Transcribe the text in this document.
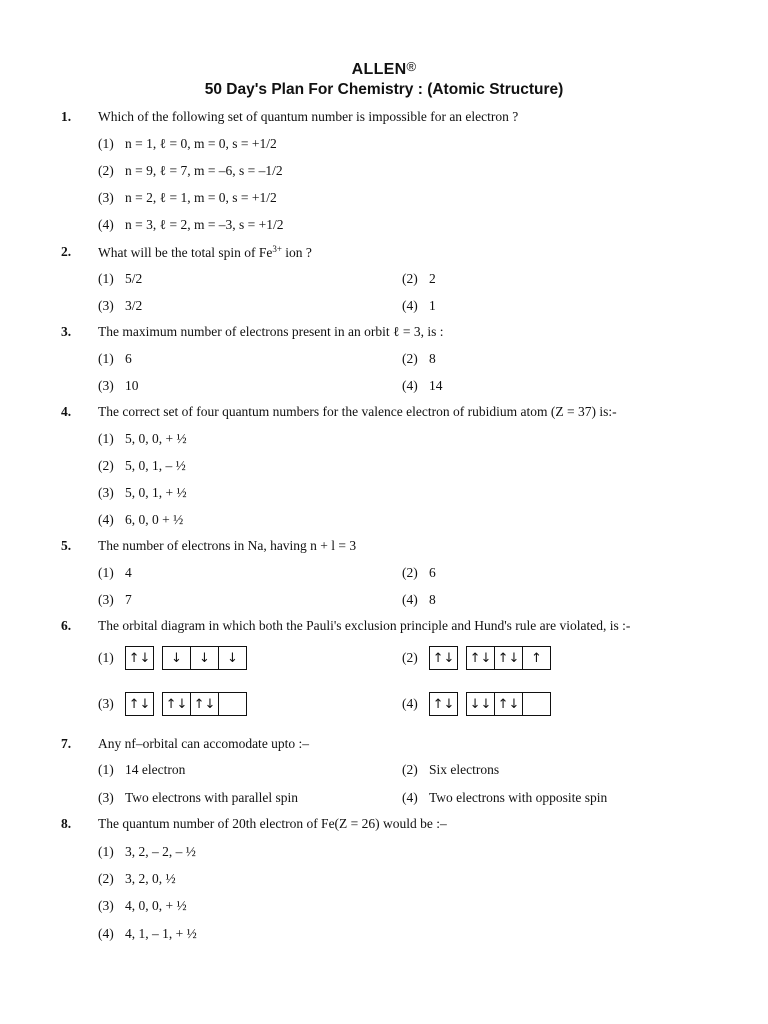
ALLEN®
50 Day's Plan For Chemistry : (Atomic Structure)
1. Which of the following set of quantum number is impossible for an electron ?
(1) n = 1, ℓ = 0, m = 0, s = +1/2
(2) n = 9, ℓ = 7, m = –6, s = –1/2
(3) n = 2, ℓ = 1, m = 0, s = +1/2
(4) n = 3, ℓ = 2, m = –3, s = +1/2
2. What will be the total spin of $Fe^{3+}$ ion ?
(1) 5/2	(2) 2
(3) 3/2	(4) 1
3. The maximum number of electrons present in an orbit ℓ = 3, is :
(1) 6	(2) 8
(3) 10	(4) 14
4. The correct set of four quantum numbers for the valence electron of rubidium atom (Z = 37) is:-
(1) 5, 0, 0, + ½
(2) 5, 0, 1, – ½
(3) 5, 0, 1, + ½
(4) 6, 0, 0 + ½
5. The number of electrons in Na, having n + l = 3
(1) 4	(2) 6
(3) 7	(4) 8
6. The orbital diagram in which both the Pauli's exclusion principle and Hund's rule are violated, is :-
(1)	↑↓	↓	↓	↓	(2)	↑↓ ↑↓ ↑↓ ↑
(3)	↑↓ ↑↓ ↑↓	(4)	↑↓ ↓↓ ↑↓
7. Any nf–orbital can accomodate upto :–
(1) 14 electron	(2) Six electrons
(3) Two electrons with parallel spin	(4) Two electrons with opposite spin
8. The quantum number of 20th electron of Fe(Z = 26) would be :–
(1) 3, 2, – 2, – ½
(2) 3, 2, 0, ½
(3) 4, 0, 0, + ½
(4) 4, 1, – 1, + ½
